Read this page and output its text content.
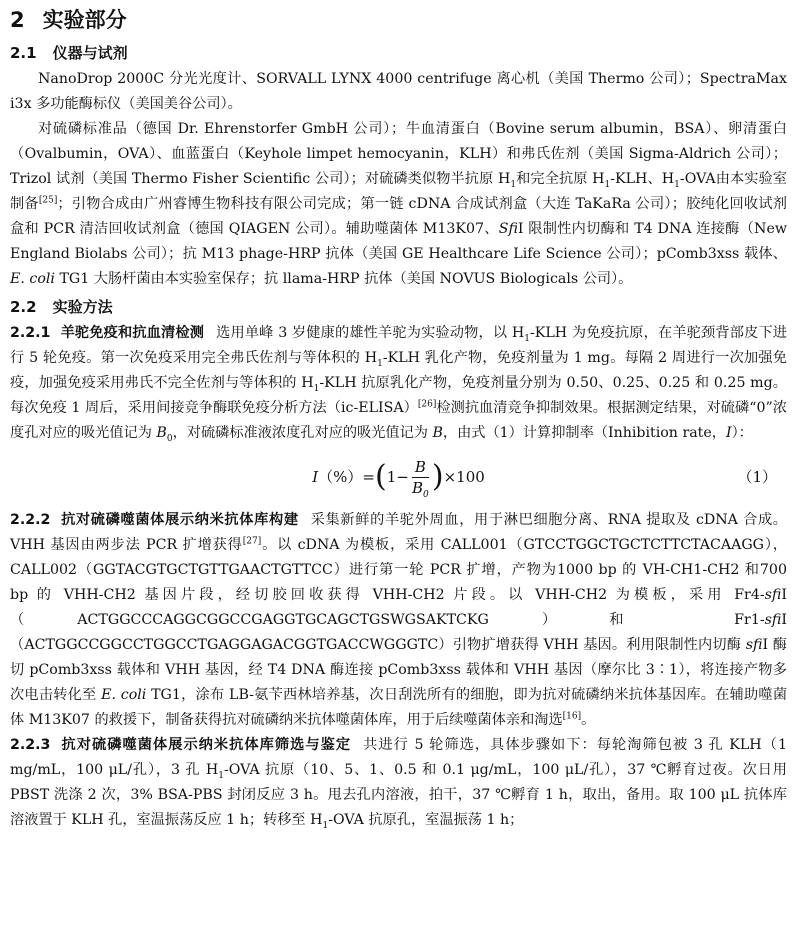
2 实验部分
2.1 仪器与试剂

NanoDrop 2000C 分光光度计、SORVALL LYNX 4000 centrifuge 离心机（美国 Thermo 公司）；SpectraMax i3x 多功能酶标仪（美国美谷公司）。

对硫磷标准品（德国 Dr. Ehrenstorfer GmbH 公司）；牛血清蛋白（Bovine serum albumin，BSA）、卵清蛋白（Ovalbumin，OVA）、血蓝蛋白（Keyhole limpet hemocyanin，KLH）和弗氏佐剂（美国 Sigma-Aldrich 公司）；Trizol 试剂（美国 Thermo Fisher Scientific 公司）；对硫磷类似物半抗原 $H_1$和完全抗原 $H_1$-KLH、$H_1$-OVA由本实验室制备[25]；引物合成由广州睿博生物科技有限公司完成；第一链 cDNA 合成试剂盒（大连 TaKaRa 公司）；胶纯化回收试剂盒和 PCR 清洁回收试剂盒（德国 QIAGEN 公司）。辅助噬菌体 M13K07、SfiI 限制性内切酶和 T4 DNA 连接酶（New England Biolabs 公司）；抗 M13 phage-HRP 抗体（美国 GE Healthcare Life Science 公司）；pComb3xss 载体、E. coli TG1 大肠杆菌由本实验室保存；抗 llama-HRP 抗体（美国 NOVUS Biologicals 公司）。

2.2 实验方法

2.2.1 羊驼免疫和抗血清检测 选用单峰 3 岁健康的雄性羊驼为实验动物，以 $H_1$-KLH 为免疫抗原，在羊驼颈背部皮下进行 5 轮免疫。第一次免疫采用完全弗氏佐剂与等体积的 $H_1$-KLH 乳化产物，免疫剂量为 1 mg。每隔 2 周进行一次加强免疫，加强免疫采用弗氏不完全佐剂与等体积的 $H_1$-KLH 抗原乳化产物，免疫剂量分别为 0.50、0.25、0.25 和 0.25 mg。每次免疫 1 周后，采用间接竞争酶联免疫分析方法（ic-ELISA）[26]检测抗血清竞争抑制效果。根据测定结果，对硫磷“0”浓度孔对应的吸光值记为 $B_0$，对硫磷标准液浓度孔对应的吸光值记为 B，由式（1）计算抑制率（Inhibition rate，I）：

I （%）= ( $1- \frac{B}{B_0}$ ) ×100	（1）

2.2.2 抗对硫磷噬菌体展示纳米抗体库构建 采集新鲜的羊驼外周血，用于淋巴细胞分离、RNA 提取及 cDNA 合成。VHH 基因由两步法 PCR 扩增获得[27]。以 cDNA 为模板，采用 CALL001（GTCCTGGCTGCTCTTCTACAAGG），CALL002（GGTACGTGCTGTTGAACTGTTCC）进行第一轮 PCR 扩增，产物为1000 bp 的 VH-CH1-CH2 和700 bp 的 VHH-CH2 基因片段，经切胶回收获得 VHH-CH2 片段。以 VHH-CH2 为模板，采用 Fr4-sfiI（ACTGGCCCAGGCGGCCGAGGTGCAGCTGSWGSAKTCKG）和 Fr1-sfiI（ACTGGCCGGCCTGGCCTGAGGAGACGGTGACCWGGGTC）引物扩增获得 VHH 基因。利用限制性内切酶 sfiI 酶切 pComb3xss 载体和 VHH 基因，经 T4 DNA 酶连接 pComb3xss 载体和 VHH 基因（摩尔比 3∶1），将连接产物多次电击转化至 E. coli TG1，涂布 LB-氨苄西林培养基，次日刮洗所有的细胞，即为抗对硫磷纳米抗体基因库。在辅助噬菌体 M13K07 的救援下，制备获得抗对硫磷纳米抗体噬菌体库，用于后续噬菌体亲和淘选[16]。

2.2.3 抗对硫磷噬菌体展示纳米抗体库筛选与鉴定 共进行 5 轮筛选，具体步骤如下：每轮淘筛包被 3 孔 KLH（1 mg/mL，100 μL/孔），3 孔 $H_1$-OVA 抗原（10、5、1、0.5 和 0.1 μg/mL，100 μL/孔），37 ℃孵育过夜。次日用 PBST 洗涤 2 次，3% BSA-PBS 封闭反应 3 h。甩去孔内溶液，拍干，37 ℃孵育 1 h，取出，备用。取 100 μL 抗体库溶液置于 KLH 孔，室温振荡反应 1 h；转移至 $H_1$-OVA 抗原孔，室温振荡 1 h；
